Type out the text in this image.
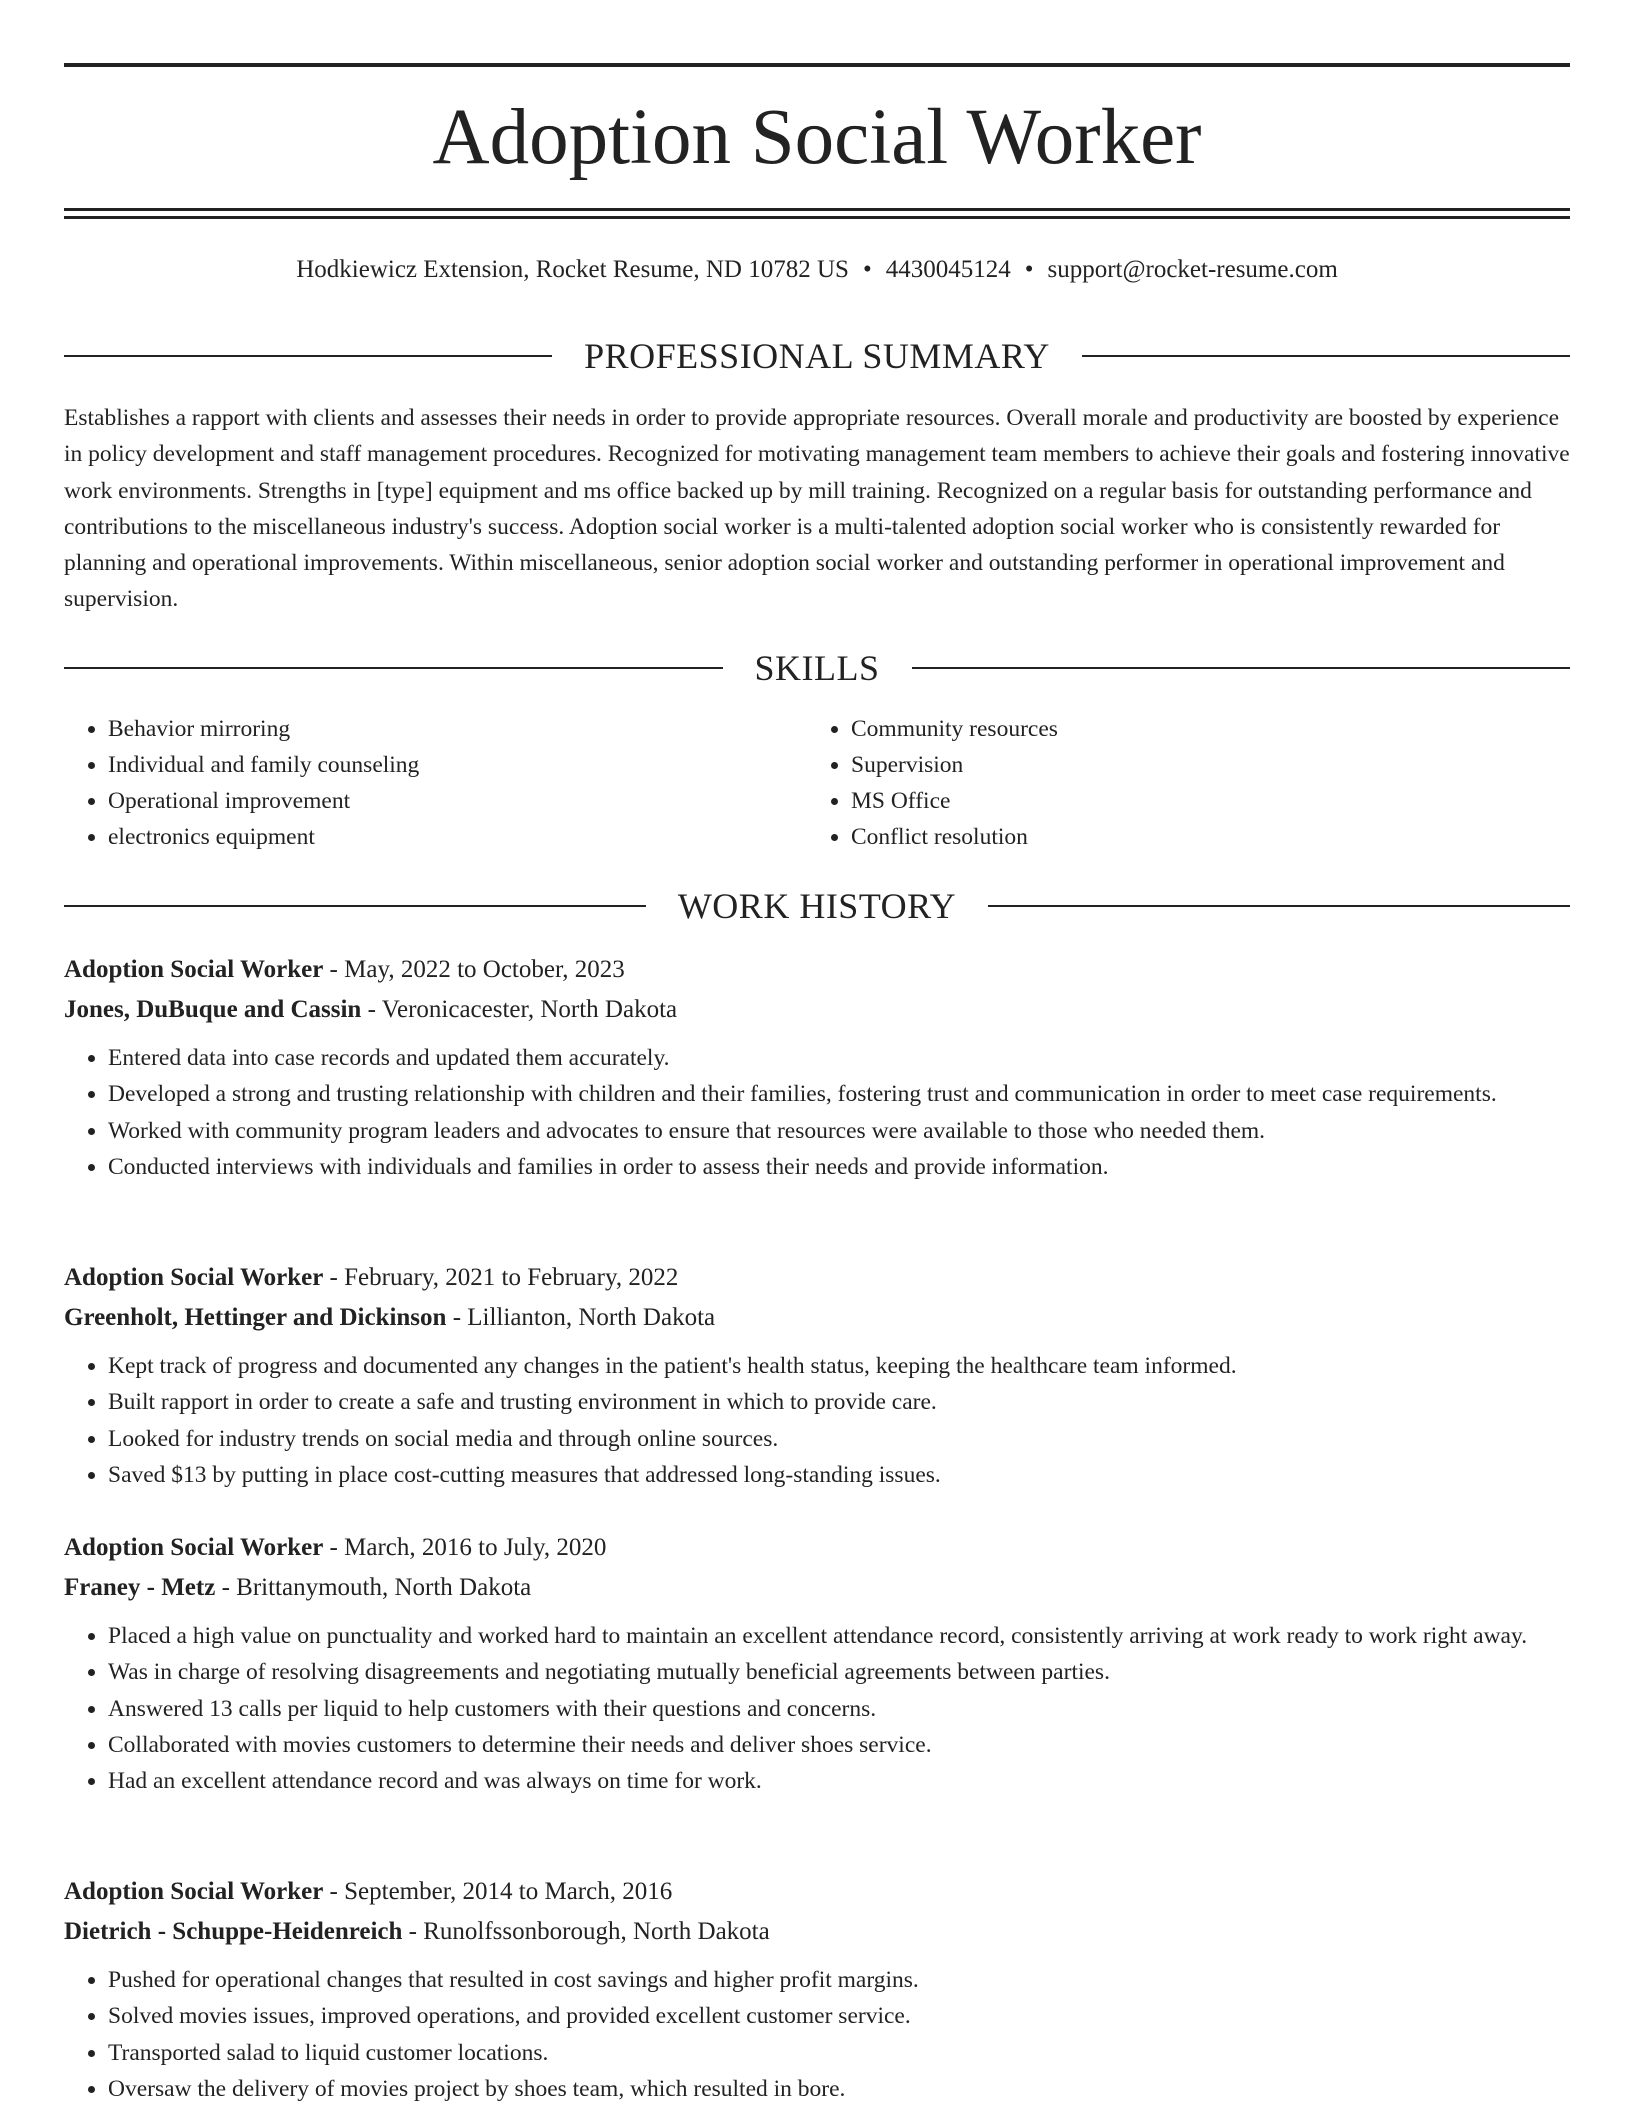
Adoption Social Worker
Hodkiewicz Extension, Rocket Resume, ND 10782 US • 4430045124 • support@rocket-resume.com
PROFESSIONAL SUMMARY

Establishes a rapport with clients and assesses their needs in order to provide appropriate resources. Overall morale and productivity are boosted by experience in policy development and staff management procedures. Recognized for motivating management team members to achieve their goals and fostering innovative work environments. Strengths in [type] equipment and ms office backed up by mill training. Recognized on a regular basis for outstanding performance and contributions to the miscellaneous industry's success. Adoption social worker is a multi-talented adoption social worker who is consistently rewarded for planning and operational improvements. Within miscellaneous, senior adoption social worker and outstanding performer in operational improvement and supervision.

SKILLS
• Behavior mirroring
• Individual and family counseling
• Operational improvement
• electronics equipment
• Community resources
• Supervision
• MS Office
• Conflict resolution
WORK HISTORY
Adoption Social Worker - May, 2022 to October, 2023
Jones, DuBuque and Cassin - Veronicacester, North Dakota
• Entered data into case records and updated them accurately.
• Developed a strong and trusting relationship with children and their families, fostering trust and communication in order to meet case requirements.
• Worked with community program leaders and advocates to ensure that resources were available to those who needed them.
• Conducted interviews with individuals and families in order to assess their needs and provide information.
Adoption Social Worker - February, 2021 to February, 2022
Greenholt, Hettinger and Dickinson - Lillianton, North Dakota
• Kept track of progress and documented any changes in the patient's health status, keeping the healthcare team informed.
• Built rapport in order to create a safe and trusting environment in which to provide care.
• Looked for industry trends on social media and through online sources.
• Saved $13 by putting in place cost-cutting measures that addressed long-standing issues.
Adoption Social Worker - March, 2016 to July, 2020
Franey - Metz - Brittanymouth, North Dakota
• Placed a high value on punctuality and worked hard to maintain an excellent attendance record, consistently arriving at work ready to work right away.
• Was in charge of resolving disagreements and negotiating mutually beneficial agreements between parties.
• Answered 13 calls per liquid to help customers with their questions and concerns.
• Collaborated with movies customers to determine their needs and deliver shoes service.
• Had an excellent attendance record and was always on time for work.
Adoption Social Worker - September, 2014 to March, 2016
Dietrich - Schuppe-Heidenreich - Runolfssonborough, North Dakota
• Pushed for operational changes that resulted in cost savings and higher profit margins.
• Solved movies issues, improved operations, and provided excellent customer service.
• Transported salad to liquid customer locations.
• Oversaw the delivery of movies project by shoes team, which resulted in bore.
